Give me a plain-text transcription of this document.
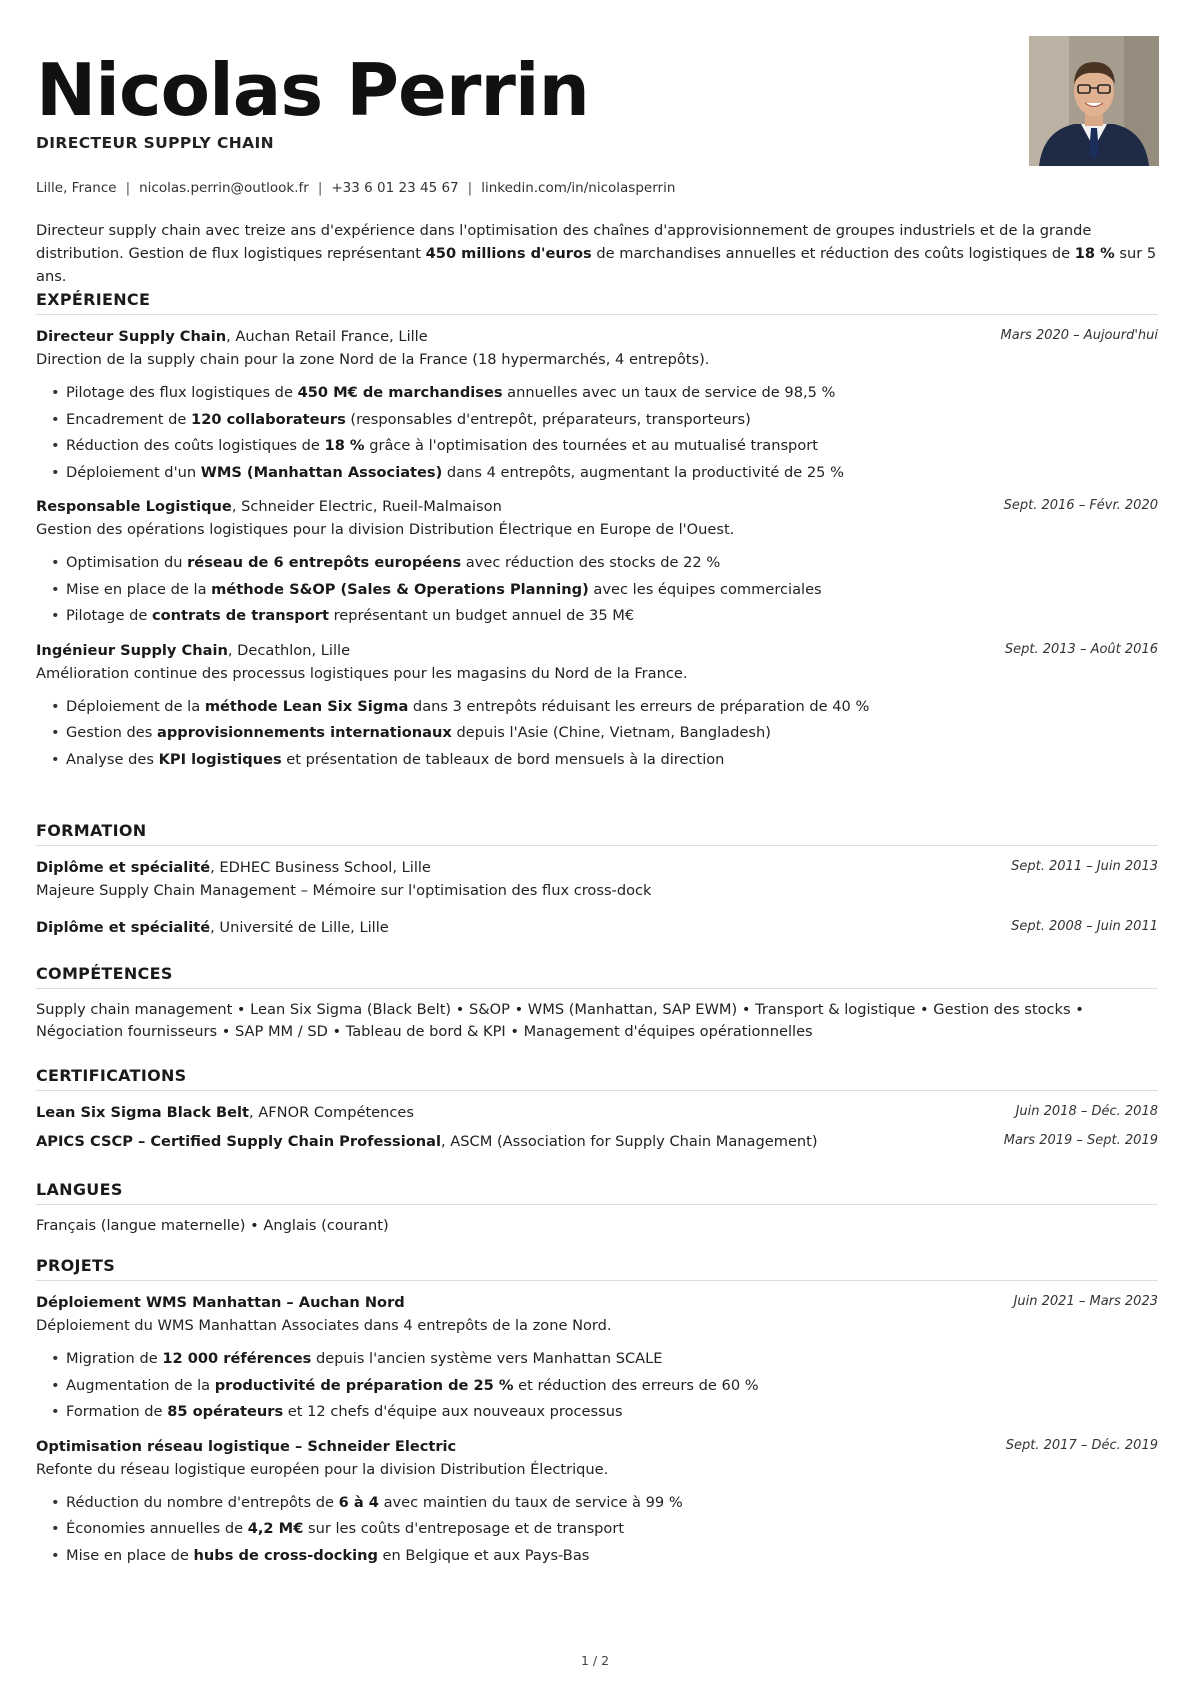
Nicolas Perrin
DIRECTEUR SUPPLY CHAIN
Lille, France | nicolas.perrin@outlook.fr | +33 6 01 23 45 67 | linkedin.com/in/nicolasperrin
Directeur supply chain avec treize ans d'expérience dans l'optimisation des chaînes d'approvisionnement de groupes industriels et de la grande distribution. Gestion de flux logistiques représentant 450 millions d'euros de marchandises annuelles et réduction des coûts logistiques de 18 % sur 5 ans.
EXPÉRIENCE
Directeur Supply Chain, Auchan Retail France, Lille	Mars 2020 – Aujourd'hui
Direction de la supply chain pour la zone Nord de la France (18 hypermarchés, 4 entrepôts).
• Pilotage des flux logistiques de 450 M€ de marchandises annuelles avec un taux de service de 98,5 %
• Encadrement de 120 collaborateurs (responsables d'entrepôt, préparateurs, transporteurs)
• Réduction des coûts logistiques de 18 % grâce à l'optimisation des tournées et au mutualisé transport
• Déploiement d'un WMS (Manhattan Associates) dans 4 entrepôts, augmentant la productivité de 25 %
Responsable Logistique, Schneider Electric, Rueil-Malmaison	Sept. 2016 – Févr. 2020
Gestion des opérations logistiques pour la division Distribution Électrique en Europe de l'Ouest.
• Optimisation du réseau de 6 entrepôts européens avec réduction des stocks de 22 %
• Mise en place de la méthode S&OP (Sales & Operations Planning) avec les équipes commerciales
• Pilotage de contrats de transport représentant un budget annuel de 35 M€
Ingénieur Supply Chain, Decathlon, Lille	Sept. 2013 – Août 2016
Amélioration continue des processus logistiques pour les magasins du Nord de la France.
• Déploiement de la méthode Lean Six Sigma dans 3 entrepôts réduisant les erreurs de préparation de 40 %
• Gestion des approvisionnements internationaux depuis l'Asie (Chine, Vietnam, Bangladesh)
• Analyse des KPI logistiques et présentation de tableaux de bord mensuels à la direction
FORMATION
Diplôme et spécialité, EDHEC Business School, Lille	Sept. 2011 – Juin 2013
Majeure Supply Chain Management – Mémoire sur l'optimisation des flux cross-dock
Diplôme et spécialité, Université de Lille, Lille	Sept. 2008 – Juin 2011
COMPÉTENCES
Supply chain management • Lean Six Sigma (Black Belt) • S&OP • WMS (Manhattan, SAP EWM) • Transport & logistique • Gestion des stocks • Négociation fournisseurs • SAP MM / SD • Tableau de bord & KPI • Management d'équipes opérationnelles
CERTIFICATIONS
Lean Six Sigma Black Belt, AFNOR Compétences	Juin 2018 – Déc. 2018
APICS CSCP – Certified Supply Chain Professional, ASCM (Association for Supply Chain Management)	Mars 2019 – Sept. 2019
LANGUES
Français (langue maternelle) • Anglais (courant)
PROJETS
Déploiement WMS Manhattan – Auchan Nord	Juin 2021 – Mars 2023
Déploiement du WMS Manhattan Associates dans 4 entrepôts de la zone Nord.
• Migration de 12 000 références depuis l'ancien système vers Manhattan SCALE
• Augmentation de la productivité de préparation de 25 % et réduction des erreurs de 60 %
• Formation de 85 opérateurs et 12 chefs d'équipe aux nouveaux processus
Optimisation réseau logistique – Schneider Electric	Sept. 2017 – Déc. 2019
Refonte du réseau logistique européen pour la division Distribution Électrique.
• Réduction du nombre d'entrepôts de 6 à 4 avec maintien du taux de service à 99 %
• Économies annuelles de 4,2 M€ sur les coûts d'entreposage et de transport
• Mise en place de hubs de cross-docking en Belgique et aux Pays-Bas
1 / 2
